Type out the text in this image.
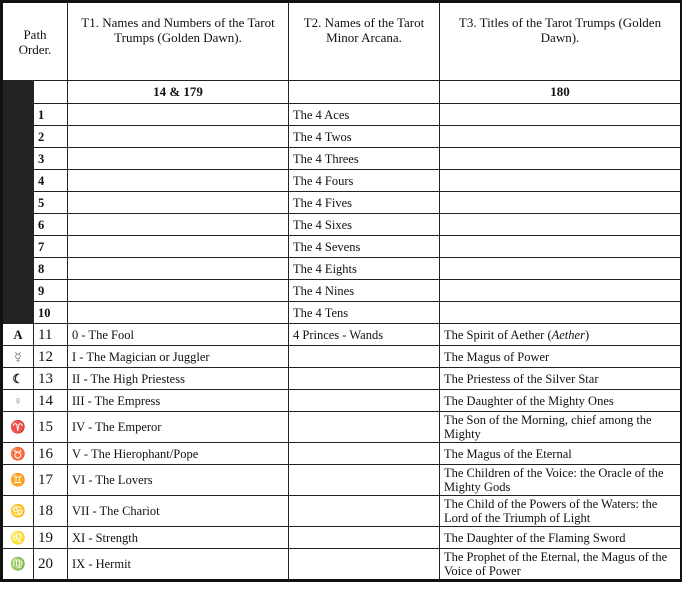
Path Order.		T1. Names and Numbers of the Tarot Trumps (Golden Dawn).	T2. Names of the Tarot Minor Arcana.	T3. Titles of the Tarot Trumps (Golden Dawn).
		14 & 179		180
	1		The 4 Aces	
	2		The 4 Twos	
	3		The 4 Threes	
	4		The 4 Fours	
	5		The 4 Fives	
	6		The 4 Sixes	
	7		The 4 Sevens	
	8		The 4 Eights	
	9		The 4 Nines	
	10		The 4 Tens	
A	11	0 - The Fool	4 Princes - Wands	The Spirit of Aether (Aether)
☿	12	I - The Magician or Juggler		The Magus of Power
☾	13	II - The High Priestess		The Priestess of the Silver Star
♀	14	III - The Empress		The Daughter of the Mighty Ones
♈	15	IV - The Emperor		The Son of the Morning, chief among the Mighty
♉	16	V - The Hierophant/Pope		The Magus of the Eternal
♊	17	VI - The Lovers		The Children of the Voice: the Oracle of the Mighty Gods
♋	18	VII - The Chariot		The Child of the Powers of the Waters: the Lord of the Triumph of Light
♌	19	XI - Strength		The Daughter of the Flaming Sword
♍	20	IX - Hermit		The Prophet of the Eternal, the Magus of the Voice of Power
